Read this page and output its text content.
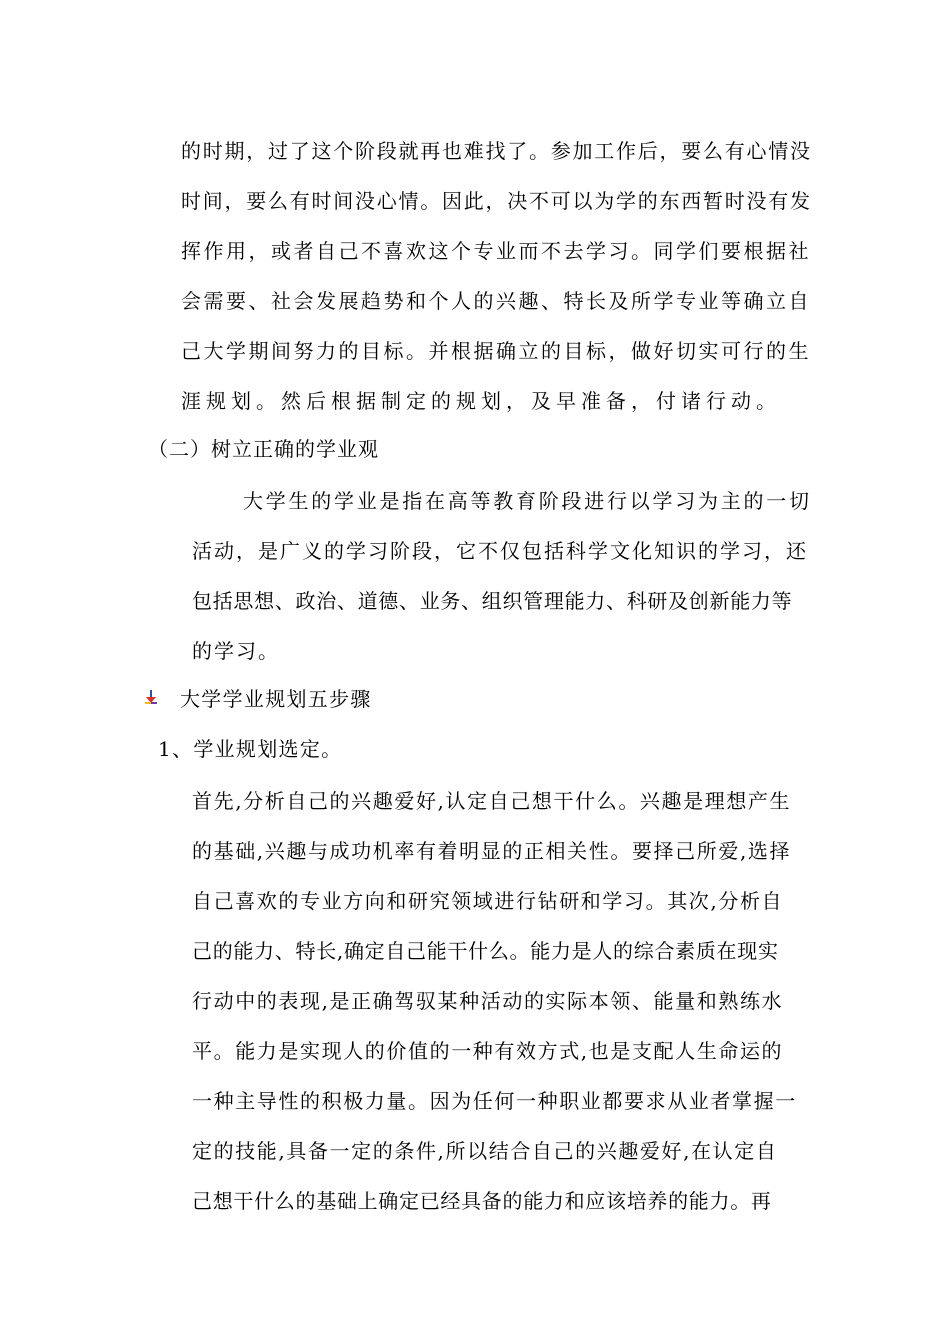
的时期，过了这个阶段就再也难找了。参加工作后，要么有心情没
时间，要么有时间没心情。因此，决不可以为学的东西暂时没有发
挥作用，或者自己不喜欢这个专业而不去学习。同学们要根据社
会需要、社会发展趋势和个人的兴趣、特长及所学专业等确立自
己大学期间努力的目标。并根据确立的目标，做好切实可行的生
涯规划。然后根据制定的规划，及早准备，付诸行动。
（二）树立正确的学业观
大学生的学业是指在高等教育阶段进行以学习为主的一切
活动，是广义的学习阶段，它不仅包括科学文化知识的学习，还
包括思想、政治、道德、业务、组织管理能力、科研及创新能力等
的学习。
大学学业规划五步骤
1、学业规划选定。
首先,分析自己的兴趣爱好,认定自己想干什么。兴趣是理想产生
的基础,兴趣与成功机率有着明显的正相关性。要择己所爱,选择
自己喜欢的专业方向和研究领域进行钻研和学习。其次,分析自
己的能力、特长,确定自己能干什么。能力是人的综合素质在现实
行动中的表现,是正确驾驭某种活动的实际本领、能量和熟练水
平。能力是实现人的价值的一种有效方式,也是支配人生命运的
一种主导性的积极力量。因为任何一种职业都要求从业者掌握一
定的技能,具备一定的条件,所以结合自己的兴趣爱好,在认定自
己想干什么的基础上确定已经具备的能力和应该培养的能力。再
